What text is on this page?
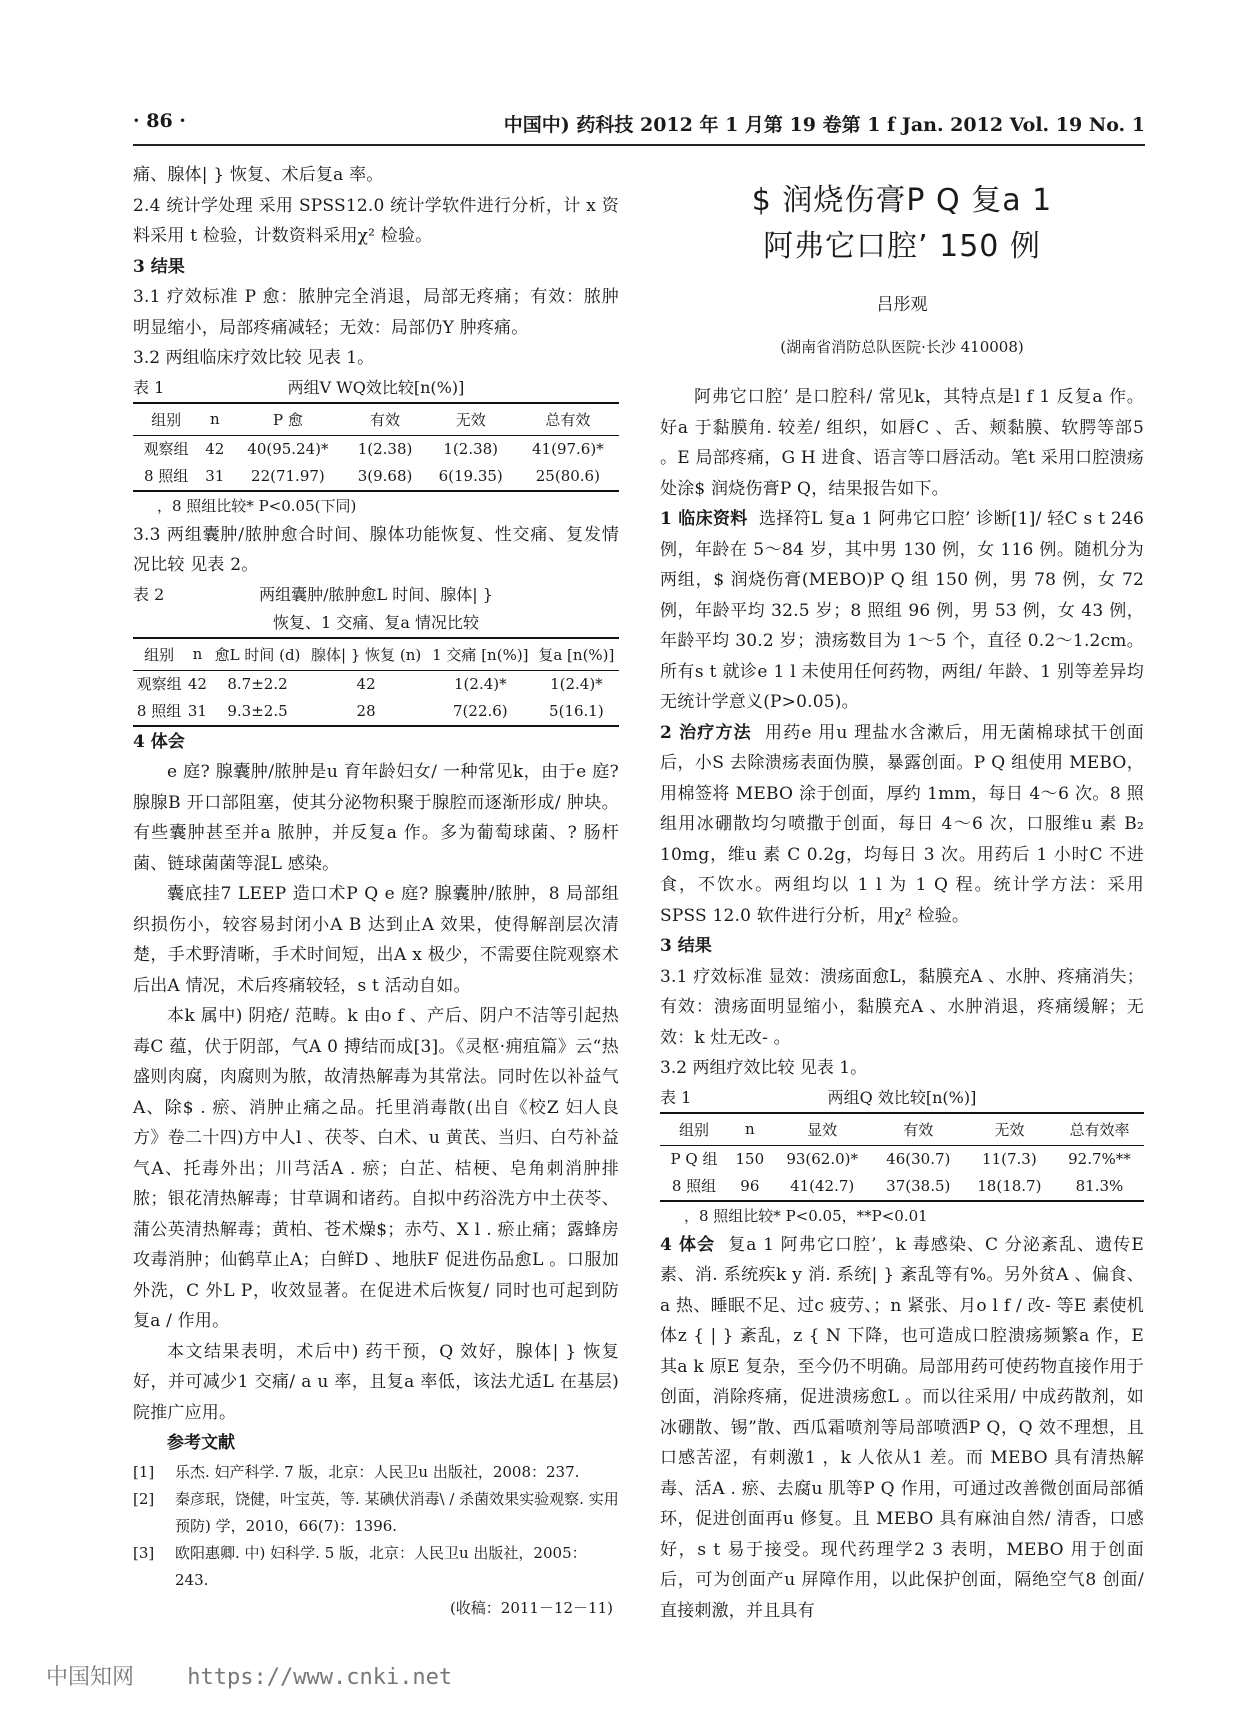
· 86 ·	中国中) 药科技 2012 年 1 月第 19 卷第 1 f Jan. 2012 Vol. 19 No. 1

痛、腺体| } 恢复、术后复a 率。

2.4 统计学处理 采用 SPSS12.0 统计学软件进行分析，计 x 资料采用 t 检验，计数资料采用χ² 检验。

3 结果

3.1 疗效标准 P 愈：脓肿完全消退，局部无疼痛；有效：脓肿明显缩小，局部疼痛减轻；无效：局部仍Y 肿疼痛。

3.2 两组临床疗效比较 见表 1。

表 1	两组V WQ效比较[n(%)]
组别	n	P 愈	有效	无效	总有效
观察组	42	40(95.24)*	1(2.38)	1(2.38)	41(97.6)*
8 照组	31	22(71.97)	3(9.68)	6(19.35)	25(80.6)

，8 照组比较* P<0.05(下同)

3.3 两组囊肿/脓肿愈合时间、腺体功能恢复、性交痛、复发情况比较 见表 2。

表 2	两组囊肿/脓肿愈L 时间、腺体| }

恢复、1 交痛、复a 情况比较

组别	n	愈L 时间 (d)	腺体| } 恢复 (n)	1 交痛 [n(%)]	复a [n(%)]
观察组	42	8.7±2.2	42	1(2.4)*	1(2.4)*
8 照组	31	9.3±2.5	28	7(22.6)	5(16.1)

4 体会

e 庭? 腺囊肿/脓肿是u 育年龄妇女/ 一种常见k，由于e 庭? 腺腺B 开口部阻塞，使其分泌物积聚于腺腔而逐渐形成/ 肿块。有些囊肿甚至并a 脓肿，并反复a 作。多为葡萄球菌、? 肠杆菌、链球菌菌等混L 感染。

囊底挂7 LEEP 造口术P Q e 庭? 腺囊肿/脓肿，8 局部组织损伤小，较容易封闭小A B 达到止A 效果，使得解剖层次清楚，手术野清晰，手术时间短，出A x 极少，不需要住院观察术后出A 情况，术后疼痛较轻，s t 活动自如。

本k 属中) 阴疮/ 范畴。k 由o f 、产后、阴户不洁等引起热毒C 蕴，伏于阴部，气A 0 搏结而成[3]。《灵枢·痈疽篇》云“热盛则肉腐，肉腐则为脓，故清热解毒为其常法。同时佐以补益气A、除$ . 瘀、消肿止痛之品。托里消毒散(出自《校Z 妇人良方》卷二十四)方中人l 、茯苓、白术、u 黄芪、当归、白芍补益气A、托毒外出；川芎活A . 瘀；白芷、桔梗、皂角刺消肿排脓；银花清热解毒；甘草调和诸药。自拟中药浴洗方中土茯苓、蒲公英清热解毒；黄柏、苍术燥$；赤芍、X l . 瘀止痛；露蜂房攻毒消肿；仙鹤草止A；白鲜D 、地肤F 促进伤品愈L 。口服加外洗，C 外L P，收效显著。在促进术后恢复/ 同时也可起到防复a / 作用。

本文结果表明，术后中) 药干预，Q 效好，腺体| } 恢复好，并可减少1 交痛/ a u 率，且复a 率低，该法尤适L 在基层) 院推广应用。

参考文献

[1] 乐杰. 妇产科学. 7 版，北京：人民卫u 出版社，2008：237.
[2] 秦彦珉，饶健，叶宝英，等. 某碘伏消毒\ / 杀菌效果实验观察. 实用预防) 学，2010，66(7)：1396.
[3] 欧阳惠卿. 中) 妇科学. 5 版，北京：人民卫u 出版社，2005：243.

(收稿：2011－12－11)

$ 润烧伤膏P Q 复a 1

阿弗它口腔’ 150 例

吕彤观

(湖南省消防总队医院·长沙 410008)

阿弗它口腔’ 是口腔科/ 常见k，其特点是l f 1 反复a 作。好a 于黏膜角. 较差/ 组织，如唇C 、舌、颊黏膜、软腭等部5 。E 局部疼痛，G H 进食、语言等口唇活动。笔t 采用口腔溃疡处涂$ 润烧伤膏P Q，结果报告如下。

1 临床资料 选择符L 复a 1 阿弗它口腔’ 诊断[1]/ 轻C s t 246 例，年龄在 5～84 岁，其中男 130 例，女 116 例。随机分为两组，$ 润烧伤膏(MEBO)P Q 组 150 例，男 78 例，女 72 例，年龄平均 32.5 岁；8 照组 96 例，男 53 例，女 43 例，年龄平均 30.2 岁；溃疡数目为 1～5 个，直径 0.2～1.2cm。所有s t 就诊e 1 l 未使用任何药物，两组/ 年龄、1 别等差异均无统计学意义(P>0.05)。

2 治疗方法 用药e 用u 理盐水含漱后，用无菌棉球拭干创面后，小S 去除溃疡表面伪膜，暴露创面。P Q 组使用 MEBO，用棉签将 MEBO 涂于创面，厚约 1mm，每日 4～6 次。8 照组用冰硼散均匀喷撒于创面，每日 4～6 次，口服维u 素 B₂ 10mg，维u 素 C 0.2g，均每日 3 次。用药后 1 小时C 不进食，不饮水。两组均以 1 l 为 1 Q 程。统计学方法：采用 SPSS 12.0 软件进行分析，用χ² 检验。

3 结果

3.1 疗效标准 显效：溃疡面愈L，黏膜充A 、水肿、疼痛消失；有效：溃疡面明显缩小，黏膜充A 、水肿消退，疼痛缓解；无效：k 灶无改- 。

3.2 两组疗效比较 见表 1。

表 1	两组Q 效比较[n(%)]
组别	n	显效	有效	无效	总有效率
P Q 组	150	93(62.0)*	46(30.7)	11(7.3)	92.7%**
8 照组	96	41(42.7)	37(38.5)	18(18.7)	81.3%

，8 照组比较* P<0.05，**P<0.01

4 体会 复a 1 阿弗它口腔’，k 毒感染、C 分泌紊乱、遗传E 素、消. 系统疾k y 消. 系统| } 紊乱等有%。另外贫A 、偏食、a 热、睡眠不足、过c 疲劳、；n 紧张、月o l f / 改- 等E 素使机体z { | } 紊乱，z { N 下降，也可造成口腔溃疡频繁a 作，E 其a k 原E 复杂，至今仍不明确。局部用药可使药物直接作用于创面，消除疼痛，促进溃疡愈L 。而以往采用/ 中成药散剂，如冰硼散、锡”散、西瓜霜喷剂等局部喷洒P Q，Q 效不理想，且口感苦涩，有刺激1 ，k 人依从1 差。而 MEBO 具有清热解毒、活A . 瘀、去腐u 肌等P Q 作用，可通过改善微创面局部循环，促进创面再u 修复。且 MEBO 具有麻油自然/ 清香，口感好，s t 易于接受。现代药理学2 3 表明，MEBO 用于创面后，可为创面产u 屏障作用，以此保护创面，隔绝空气8 创面/ 直接刺激，并且具有

中国知网 https://www.cnki.net
